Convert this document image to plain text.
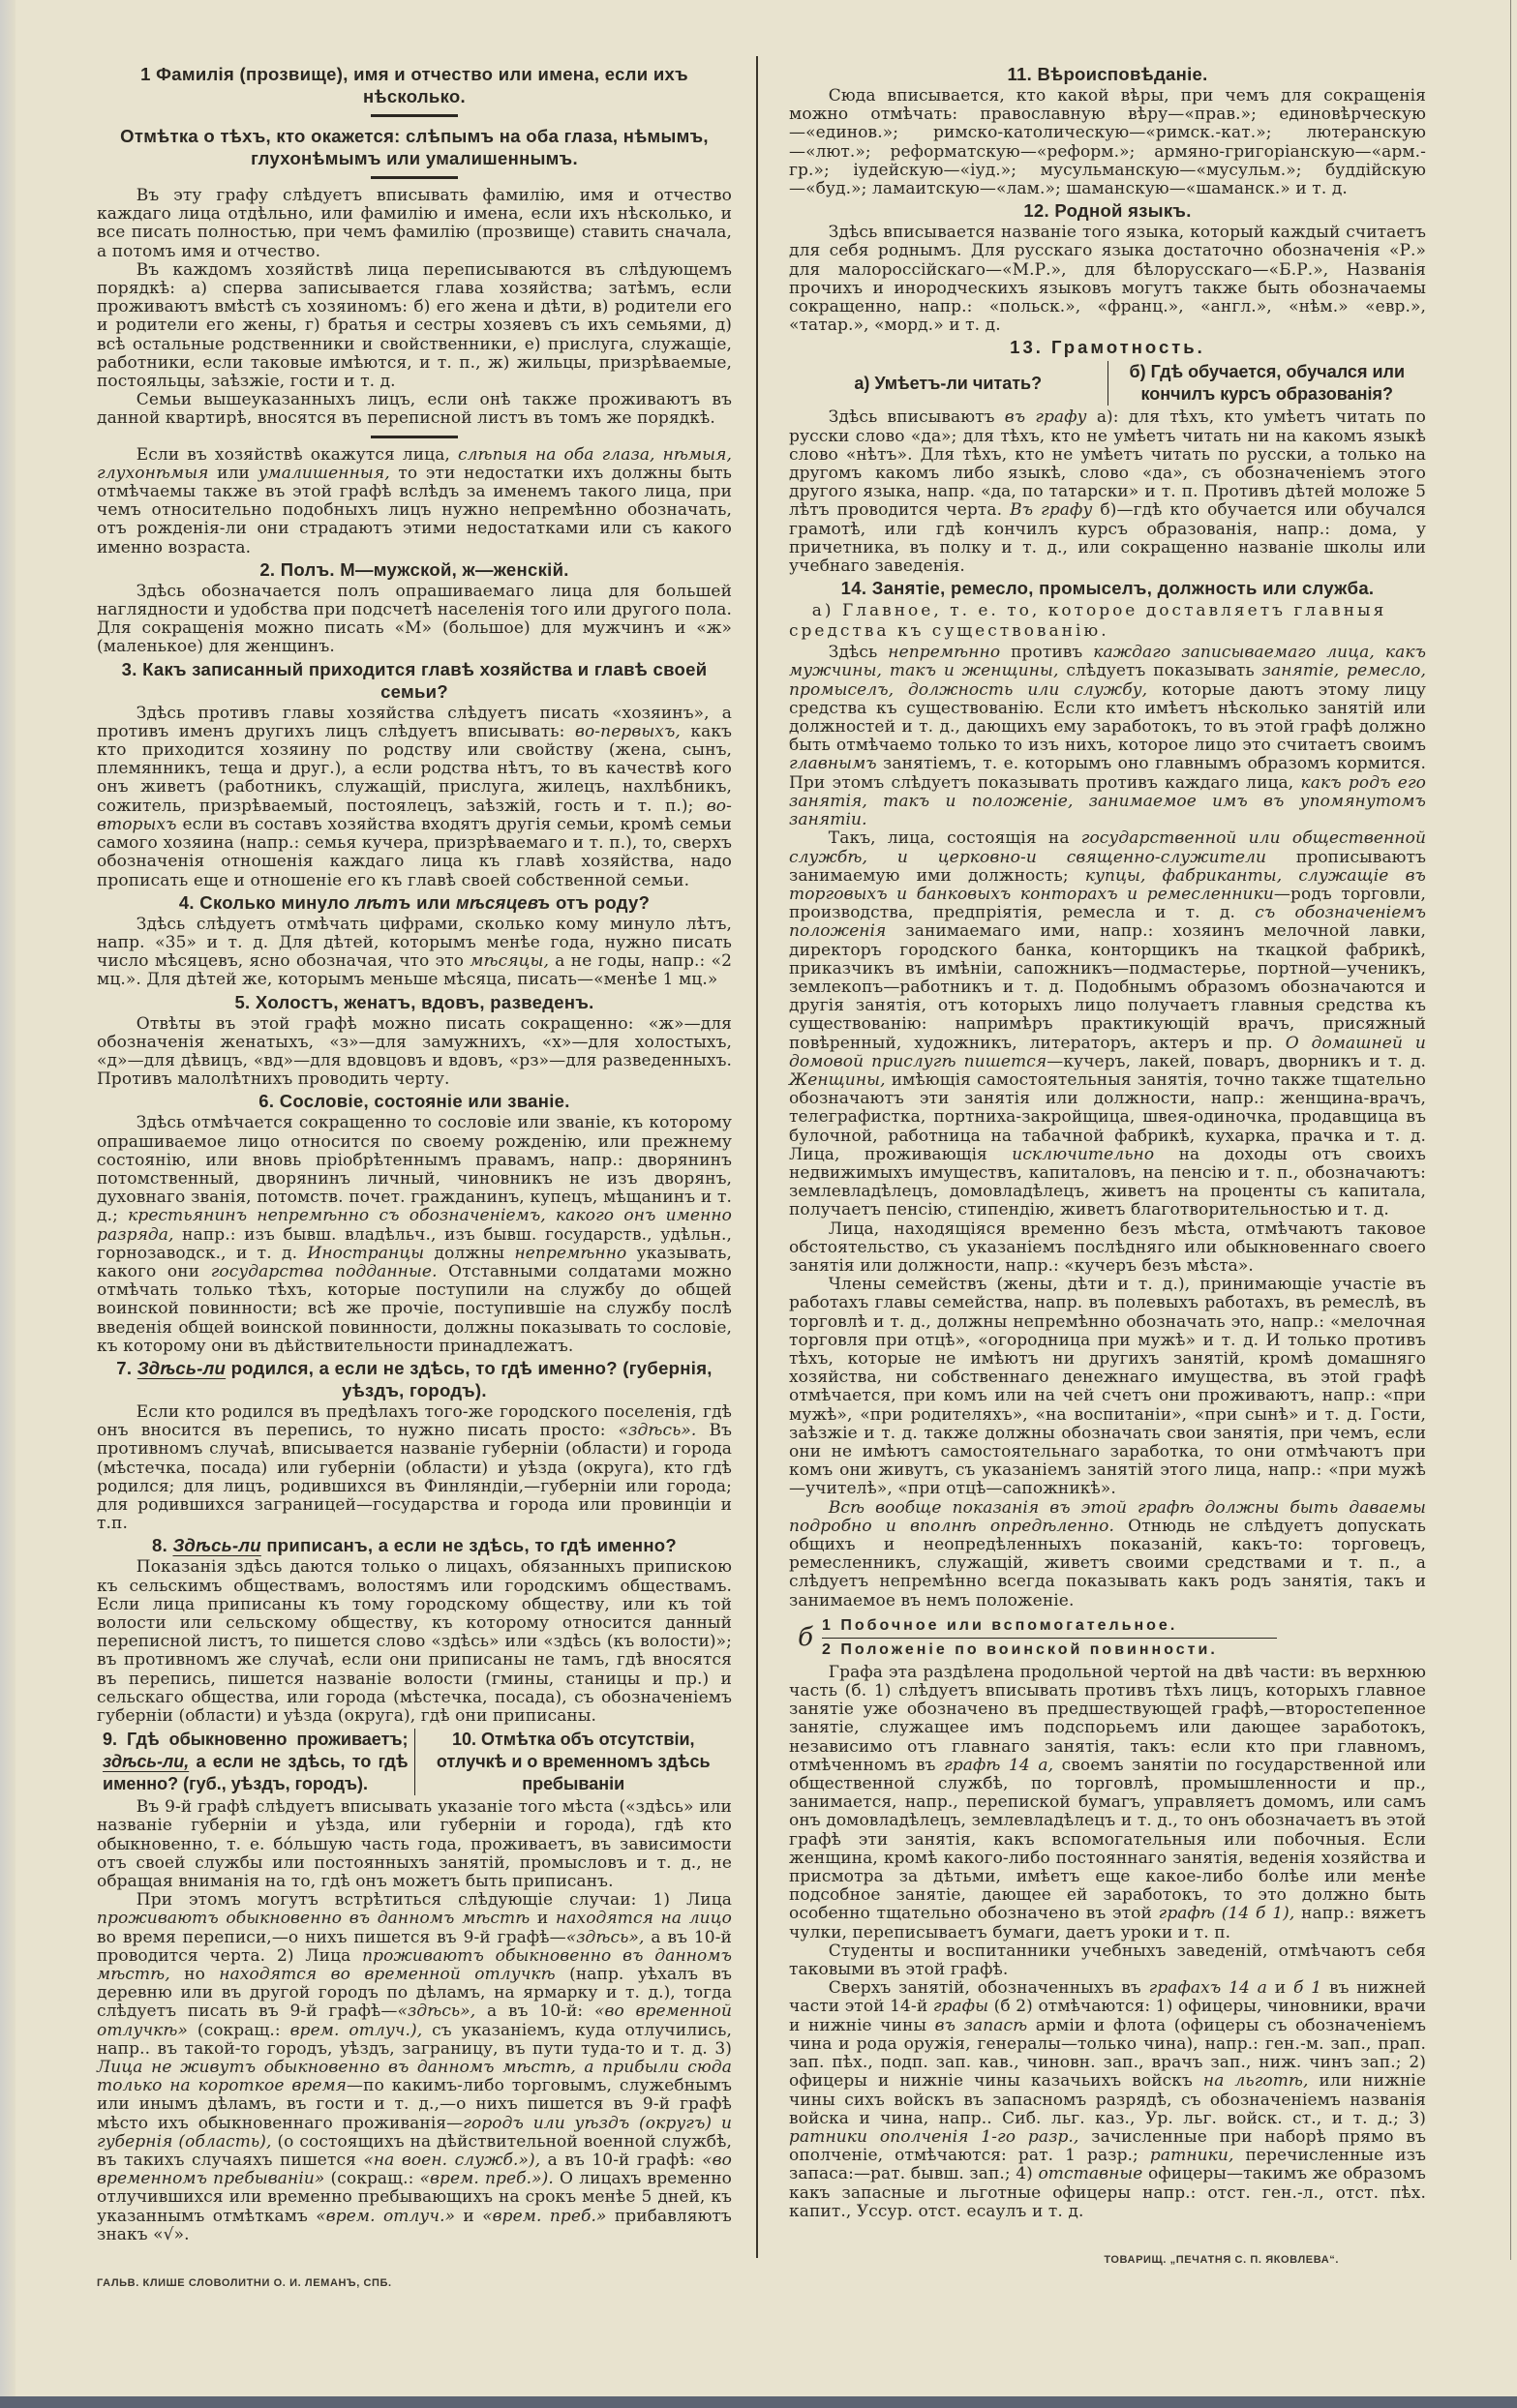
1 Фамилія (прозвище), имя и отчество или имена, если ихъ нѣсколько.
Отмѣтка о тѣхъ, кто окажется: слѣпымъ на оба глаза, нѣмымъ, глухонѣмымъ или умалишеннымъ.

Въ эту графу слѣдуетъ вписывать фамилію, имя и отчество каждаго лица отдѣльно, или фамилію и имена, если ихъ нѣсколько, и все писать полностью, при чемъ фамилію (прозвище) ставить сначала, а потомъ имя и отчество.

Въ каждомъ хозяйствѣ лица переписываются въ слѣдующемъ порядкѣ: а) сперва записывается глава хозяйства; затѣмъ, если проживаютъ вмѣстѣ съ хозяиномъ: б) его жена и дѣти, в) родители его и родители его жены, г) братья и сестры хозяевъ съ ихъ семьями, д) всѣ остальные родственники и свойственники, е) прислуга, служащіе, работники, если таковые имѣются, и т. п., ж) жильцы, призрѣваемые, постояльцы, заѣзжіе, гости и т. д.

Семьи вышеуказанныхъ лицъ, если онѣ также проживаютъ въ данной квартирѣ, вносятся въ переписной листъ въ томъ же порядкѣ.

Если въ хозяйствѣ окажутся лица, слѣпыя на оба глаза, нѣмыя, глухонѣмыя или умалишенныя, то эти недостатки ихъ должны быть отмѣчаемы также въ этой графѣ вслѣдъ за именемъ такого лица, при чемъ относительно подобныхъ лицъ нужно непремѣнно обозначать, отъ рожденія-ли они страдаютъ этими недостатками или съ какого именно возраста.

2. Полъ. М—мужской, ж—женскій.

Здѣсь обозначается полъ опрашиваемаго лица для большей наглядности и удобства при подсчетѣ населенія того или другого пола. Для сокращенія можно писать «М» (большое) для мужчинъ и «ж» (маленькое) для женщинъ.

3. Какъ записанный приходится главѣ хозяйства и главѣ своей семьи?

Здѣсь противъ главы хозяйства слѣдуетъ писать «хозяинъ», а противъ именъ другихъ лицъ слѣдуетъ вписывать: во-первыхъ, какъ кто приходится хозяину по родству или свойству (жена, сынъ, племянникъ, теща и друг.), а если родства нѣтъ, то въ качествѣ кого онъ живетъ (работникъ, служащій, прислуга, жилецъ, нахлѣбникъ, сожитель, призрѣваемый, постоялецъ, заѣзжій, гость и т. п.); во-вторыхъ если въ составъ хозяйства входятъ другія семьи, кромѣ семьи самого хозяина (напр.: семья кучера, призрѣваемаго и т. п.), то, сверхъ обозначенія отношенія каждаго лица къ главѣ хозяйства, надо прописать еще и отношеніе его къ главѣ своей собственной семьи.

4. Сколько минуло лѣтъ или мѣсяцевъ отъ роду?

Здѣсь слѣдуетъ отмѣчать цифрами, сколько кому минуло лѣтъ, напр. «35» и т. д. Для дѣтей, которымъ менѣе года, нужно писать число мѣсяцевъ, ясно обозначая, что это мѣсяцы, а не годы, напр.: «2 мц.». Для дѣтей же, которымъ меньше мѣсяца, писать—«менѣе 1 мц.»

5. Холостъ, женатъ, вдовъ, разведенъ.

Отвѣты въ этой графѣ можно писать сокращенно: «ж»—для обозначенія женатыхъ, «з»—для замужнихъ, «х»—для холостыхъ, «д»—для дѣвицъ, «вд»—для вдовцовъ и вдовъ, «рз»—для разведенныхъ. Противъ малолѣтнихъ проводить черту.

6. Сословіе, состояніе или званіе.

Здѣсь отмѣчается сокращенно то сословіе или званіе, къ которому опрашиваемое лицо относится по своему рожденію, или прежнему состоянію, или вновь пріобрѣтеннымъ правамъ, напр.: дворянинъ потомственный, дворянинъ личный, чиновникъ не изъ дворянъ, духовнаго званія, потомств. почет. гражданинъ, купецъ, мѣщанинъ и т. д.; крестьянинъ непремѣнно съ обозначеніемъ, какого онъ именно разряда, напр.: изъ бывш. владѣльч., изъ бывш. государств., удѣльн., горнозаводск., и т. д. Иностранцы должны непремѣнно указывать, какого они государства подданные. Отставными солдатами можно отмѣчать только тѣхъ, которые поступили на службу до общей воинской повинности; всѣ же прочіе, поступившіе на службу послѣ введенія общей воинской повинности, должны показывать то сословіе, къ которому они въ дѣйствительности принадлежатъ.

7. Здѣсь-ли родился, а если не здѣсь, то гдѣ именно? (губернія, уѣздъ, городъ).

Если кто родился въ предѣлахъ того-же городского поселенія, гдѣ онъ вносится въ перепись, то нужно писать просто: «здѣсь». Въ противномъ случаѣ, вписывается названіе губерніи (области) и города (мѣстечка, посада) или губерніи (области) и уѣзда (округа), кто гдѣ родился; для лицъ, родившихся въ Финляндіи,—губерніи или города; для родившихся заграницей—государства и города или провинціи и т.п.

8. Здѣсь-ли приписанъ, а если не здѣсь, то гдѣ именно?

Показанія здѣсь даются только о лицахъ, обязанныхъ припискою къ сельскимъ обществамъ, волостямъ или городскимъ обществамъ. Если лица приписаны къ тому городскому обществу, или къ той волости или сельскому обществу, къ которому относится данный переписной листъ, то пишется слово «здѣсь» или «здѣсь (къ волости)»; въ противномъ же случаѣ, если они приписаны не тамъ, гдѣ вносятся въ перепись, пишется названіе волости (гмины, станицы и пр.) и сельскаго общества, или города (мѣстечка, посада), съ обозначеніемъ губерніи (области) и уѣзда (округа), гдѣ они приписаны.

9. Гдѣ обыкновенно проживаетъ; здѣсь-ли, а если не здѣсь, то гдѣ именно? (губ., уѣздъ, городъ).
10. Отмѣтка объ отсутствіи, отлучкѣ и о временномъ здѣсь пребываніи

Въ 9-й графѣ слѣдуетъ вписывать указаніе того мѣста («здѣсь» или названіе губерніи и уѣзда, или губерніи и города), гдѣ кто обыкновенно, т. е. бо́льшую часть года, проживаетъ, въ зависимости отъ своей службы или постоянныхъ занятій, промысловъ и т. д., не обращая вниманія на то, гдѣ онъ можетъ быть приписанъ.

При этомъ могутъ встрѣтиться слѣдующіе случаи: 1) Лица проживаютъ обыкновенно въ данномъ мѣстѣ и находятся на лицо во время переписи,—о нихъ пишется въ 9-й графѣ—«здѣсь», а въ 10-й проводится черта. 2) Лица проживаютъ обыкновенно въ данномъ мѣстѣ, но находятся во временной отлучкѣ (напр. уѣхалъ въ деревню или въ другой городъ по дѣламъ, на ярмарку и т. д.), тогда слѣдуетъ писать въ 9-й графѣ—«здѣсь», а въ 10-й: «во временной отлучкѣ» (сокращ.: врем. отлуч.), съ указаніемъ, куда отлучились, напр.. въ такой-то городъ, уѣздъ, заграницу, въ пути туда-то и т. д. 3) Лица не живутъ обыкновенно въ данномъ мѣстѣ, а прибыли сюда только на короткое время—по какимъ-либо торговымъ, служебнымъ или инымъ дѣламъ, въ гости и т. д.,—о нихъ пишется въ 9-й графѣ мѣсто ихъ обыкновеннаго проживанія—городъ или уѣздъ (округъ) и губернія (область), (о состоящихъ на дѣйствительной военной службѣ, въ такихъ случаяхъ пишется «на воен. служб.»), а въ 10-й графѣ: «во временномъ пребываніи» (сокращ.: «врем. преб.»). О лицахъ временно отлучившихся или временно пребывающихъ на срокъ менѣе 5 дней, къ указаннымъ отмѣткамъ «врем. отлуч.» и «врем. преб.» прибавляютъ знакъ «√».

ГАЛЬВ. КЛИШЕ СЛОВОЛИТНИ О. И. ЛЕМАНЪ, СПБ.
11. Вѣроисповѣданіе.

Сюда вписывается, кто какой вѣры, при чемъ для сокращенія можно отмѣчать: православную вѣру—«прав.»; единовѣрческую—«единов.»; римско-католическую—«римск.-кат.»; лютеранскую—«лют.»; реформатскую—«реформ.»; армяно-григоріанскую—«арм.-гр.»; іудейскую—«іуд.»; мусульманскую—«мусульм.»; буддійскую—«буд.»; ламаитскую—«лам.»; шаманскую—«шаманск.» и т. д.

12. Родной языкъ.

Здѣсь вписывается названіе того языка, который каждый считаетъ для себя роднымъ. Для русскаго языка достаточно обозначенія «Р.» для малороссійскаго—«М.Р.», для бѣлорусскаго—«Б.Р.», Названія прочихъ и инородческихъ языковъ могутъ также быть обозначаемы сокращенно, напр.: «польск.», «франц.», «англ.», «нѣм.» «евр.», «татар.», «морд.» и т. д.

13. Грамотность.
а) Умѣетъ-ли читать?
б) Гдѣ обучается, обучался или кончилъ курсъ образованія?

Здѣсь вписываютъ въ графу а): для тѣхъ, кто умѣетъ читать по русски слово «да»; для тѣхъ, кто не умѣетъ читать ни на какомъ языкѣ слово «нѣтъ». Для тѣхъ, кто не умѣетъ читать по русски, а только на другомъ какомъ либо языкѣ, слово «да», съ обозначеніемъ этого другого языка, напр. «да, по татарски» и т. п. Противъ дѣтей моложе 5 лѣтъ проводится черта. Въ графу б)—гдѣ кто обучается или обучался грамотѣ, или гдѣ кончилъ курсъ образованія, напр.: дома, у причетника, въ полку и т. д., или сокращенно названіе школы или учебнаго заведенія.

14. Занятіе, ремесло, промыселъ, должность или служба.
а) Главное, т. е. то, которое доставляетъ главныя средства къ существованію.

Здѣсь непремѣнно противъ каждаго записываемаго лица, какъ мужчины, такъ и женщины, слѣдуетъ показывать занятіе, ремесло, промыселъ, должность или службу, которые даютъ этому лицу средства къ существованію. Если кто имѣетъ нѣсколько занятій или должностей и т. д., дающихъ ему заработокъ, то въ этой графѣ должно быть отмѣчаемо только то изъ нихъ, которое лицо это считаетъ своимъ главнымъ занятіемъ, т. е. которымъ оно главнымъ образомъ кормится. При этомъ слѣдуетъ показывать противъ каждаго лица, какъ родъ его занятія, такъ и положеніе, занимаемое имъ въ упомянутомъ занятіи.

Такъ, лица, состоящія на государственной или общественной службѣ, и церковно-и священно-служители прописываютъ занимаемую ими должность; купцы, фабриканты, служащіе въ торговыхъ и банковыхъ конторахъ и ремесленники—родъ торговли, производства, предпріятія, ремесла и т. д. съ обозначеніемъ положенія занимаемаго ими, напр.: хозяинъ мелочной лавки, директоръ городского банка, конторщикъ на ткацкой фабрикѣ, приказчикъ въ имѣніи, сапожникъ—подмастерье, портной—ученикъ, землекопъ—работникъ и т. д. Подобнымъ образомъ обозначаются и другія занятія, отъ которыхъ лицо получаетъ главныя средства къ существованію: напримѣръ практикующій врачъ, присяжный повѣренный, художникъ, литераторъ, актеръ и пр. О домашней и домовой прислугѣ пишется—кучеръ, лакей, поваръ, дворникъ и т. д. Женщины, имѣющія самостоятельныя занятія, точно также тщательно обозначаютъ эти занятія или должности, напр.: женщина-врачъ, телеграфистка, портниха-закройщица, швея-одиночка, продавщица въ булочной, работница на табачной фабрикѣ, кухарка, прачка и т. д. Лица, проживающія исключительно на доходы отъ своихъ недвижимыхъ имуществъ, капиталовъ, на пенсію и т. п., обозначаютъ: землевладѣлецъ, домовладѣлецъ, живетъ на проценты съ капитала, получаетъ пенсію, стипендію, живетъ благотворительностью и т. д.

Лица, находящіяся временно безъ мѣста, отмѣчаютъ таковое обстоятельство, съ указаніемъ послѣдняго или обыкновеннаго своего занятія или должности, напр.: «кучеръ безъ мѣста».

Члены семействъ (жены, дѣти и т. д.), принимающіе участіе въ работахъ главы семейства, напр. въ полевыхъ работахъ, въ ремеслѣ, въ торговлѣ и т. д., должны непремѣнно обозначать это, напр.: «мелочная торговля при отцѣ», «огородница при мужѣ» и т. д. И только противъ тѣхъ, которые не имѣютъ ни другихъ занятій, кромѣ домашняго хозяйства, ни собственнаго денежнаго имущества, въ этой графѣ отмѣчается, при комъ или на чей счетъ они проживаютъ, напр.: «при мужѣ», «при родителяхъ», «на воспитаніи», «при сынѣ» и т. д. Гости, заѣзжіе и т. д. также должны обозначать свои занятія, при чемъ, если они не имѣютъ самостоятельнаго заработка, то они отмѣчаютъ при комъ они живутъ, съ указаніемъ занятій этого лица, напр.: «при мужѣ—учителѣ», «при отцѣ—сапожникѣ».

Всѣ вообще показанія въ этой графѣ должны быть даваемы подробно и вполнѣ опредѣленно. Отнюдь не слѣдуетъ допускать общихъ и неопредѣленныхъ показаній, какъ-то: торговецъ, ремесленникъ, служащій, живетъ своими средствами и т. п., а слѣдуетъ непремѣнно всегда показывать какъ родъ занятія, такъ и занимаемое въ немъ положеніе.

б 1 Побочное или вспомогательное.
2 Положеніе по воинской повинности.

Графа эта раздѣлена продольной чертой на двѣ части: въ верхнюю часть (б. 1) слѣдуетъ вписывать противъ тѣхъ лицъ, которыхъ главное занятіе уже обозначено въ предшествующей графѣ,—второстепенное занятіе, служащее имъ подспорьемъ или дающее заработокъ, независимо отъ главнаго занятія, такъ: если кто при главномъ, отмѣченномъ въ графѣ 14 а, своемъ занятіи по государственной или общественной службѣ, по торговлѣ, промышленности и пр., занимается, напр., перепиской бумагъ, управляетъ домомъ, или самъ онъ домовладѣлецъ, землевладѣлецъ и т. д., то онъ обозначаетъ въ этой графѣ эти занятія, какъ вспомогательныя или побочныя. Если женщина, кромѣ какого-либо постояннаго занятія, веденія хозяйства и присмотра за дѣтьми, имѣетъ еще какое-либо болѣе или менѣе подсобное занятіе, дающее ей заработокъ, то это должно быть особенно тщательно обозначено въ этой графѣ (14 б 1), напр.: вяжетъ чулки, переписываетъ бумаги, даетъ уроки и т. п.

Студенты и воспитанники учебныхъ заведеній, отмѣчаютъ себя таковыми въ этой графѣ.

Сверхъ занятій, обозначенныхъ въ графахъ 14 а и б 1 въ нижней части этой 14-й графы (б 2) отмѣчаются: 1) офицеры, чиновники, врачи и нижніе чины въ запасѣ арміи и флота (офицеры съ обозначеніемъ чина и рода оружія, генералы—только чина), напр.: ген.-м. зап., прап. зап. пѣх., подп. зап. кав., чиновн. зап., врачъ зап., ниж. чинъ зап.; 2) офицеры и нижніе чины казачьихъ войскъ на льготѣ, или нижніе чины сихъ войскъ въ запасномъ разрядѣ, съ обозначеніемъ названія войска и чина, напр.. Сиб. льг. каз., Ур. льг. войск. ст., и т. д.; 3) ратники ополченія 1-го разр., зачисленные при наборѣ прямо въ ополченіе, отмѣчаются: рат. 1 разр.; ратники, перечисленные изъ запаса:—рат. бывш. зап.; 4) отставные офицеры—такимъ же образомъ какъ запасные и льготные офицеры напр.: отст. ген.-л., отст. пѣх. капит., Уссур. отст. есаулъ и т. д.

ТОВАРИЩ. „ПЕЧАТНЯ С. П. ЯКОВЛЕВА“.
